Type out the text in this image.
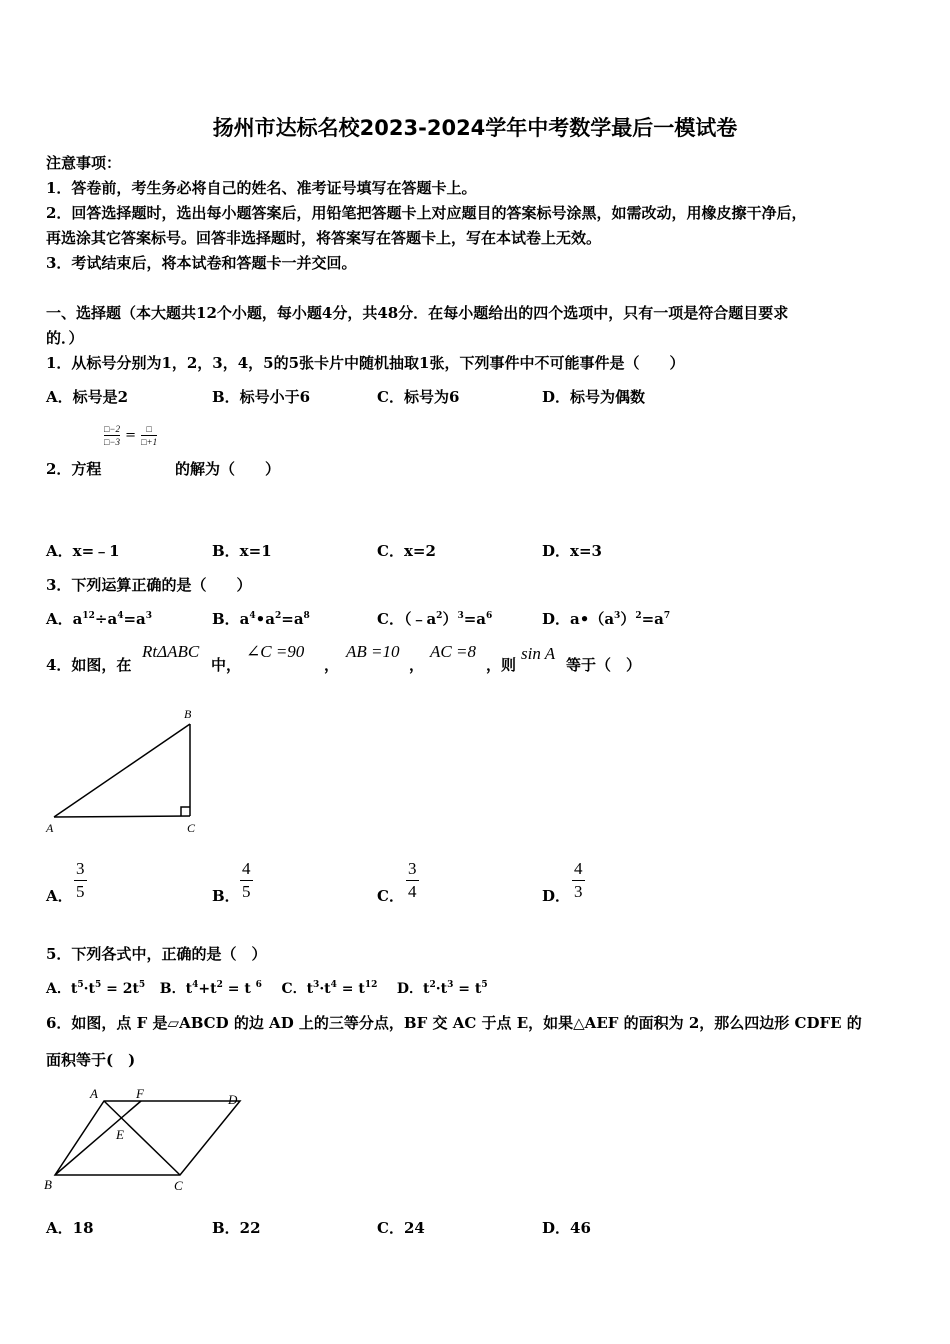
扬州市达标名校2023-2024学年中考数学最后一模试卷
注意事项：
1．答卷前，考生务必将自己的姓名、准考证号填写在答题卡上。
2．回答选择题时，选出每小题答案后，用铅笔把答题卡上对应题目的答案标号涂黑，如需改动，用橡皮擦干净后，
再选涂其它答案标号。回答非选择题时，将答案写在答题卡上，写在本试卷上无效。
3．考试结束后，将本试卷和答题卡一并交回。
一、选择题（本大题共12个小题，每小题4分，共48分．在每小题给出的四个选项中，只有一项是符合题目要求
的．）
1．从标号分别为1，2，3，4，5的5张卡片中随机抽取1张，下列事件中不可能事件是（　　）
A．标号是2	B．标号小于6	C．标号为6	D．标号为偶数
$\frac{□-2}{□-3}$ = □
□+1
2．方程	的解为（　　）
A．x=﹣1	B．x=1	C．x=2	D．x=3
3．下列运算正确的是（　　）
A．$a^{12}\div a^4=a^3$	B．$a^4•a^2=a^8$	C．$(﹣a^2)^3=a^6$	D．$a•(a^3)^2=a^7$
4．如图，在
RtΔABC
中，
∠C =90
，
AB =10
，
AC =8
，则
sin A
等于（　）
B
A	C
A． $\frac{3}{5}$	B． $\frac{4}{5}$	C． $\frac{3}{4}$	D． $\frac{4}{3}$
5．下列各式中，正确的是（　）
A．$t^5\cdot t^5 = 2t^5$ B．$t^4+t^2 = t$ $^6$ C．$t^3\cdot t^4 = t^{12}$ D．$t^2\cdot t^3 = t^5$
6．如图，点 F 是▱ABCD 的边 AD 上的三等分点，BF 交 AC 于点 E，如果△AEF 的面积为 2，那么四边形 CDFE 的
面积等于(　)
A	F	D
E
B	C
A．18	B．22	C．24	D．46
